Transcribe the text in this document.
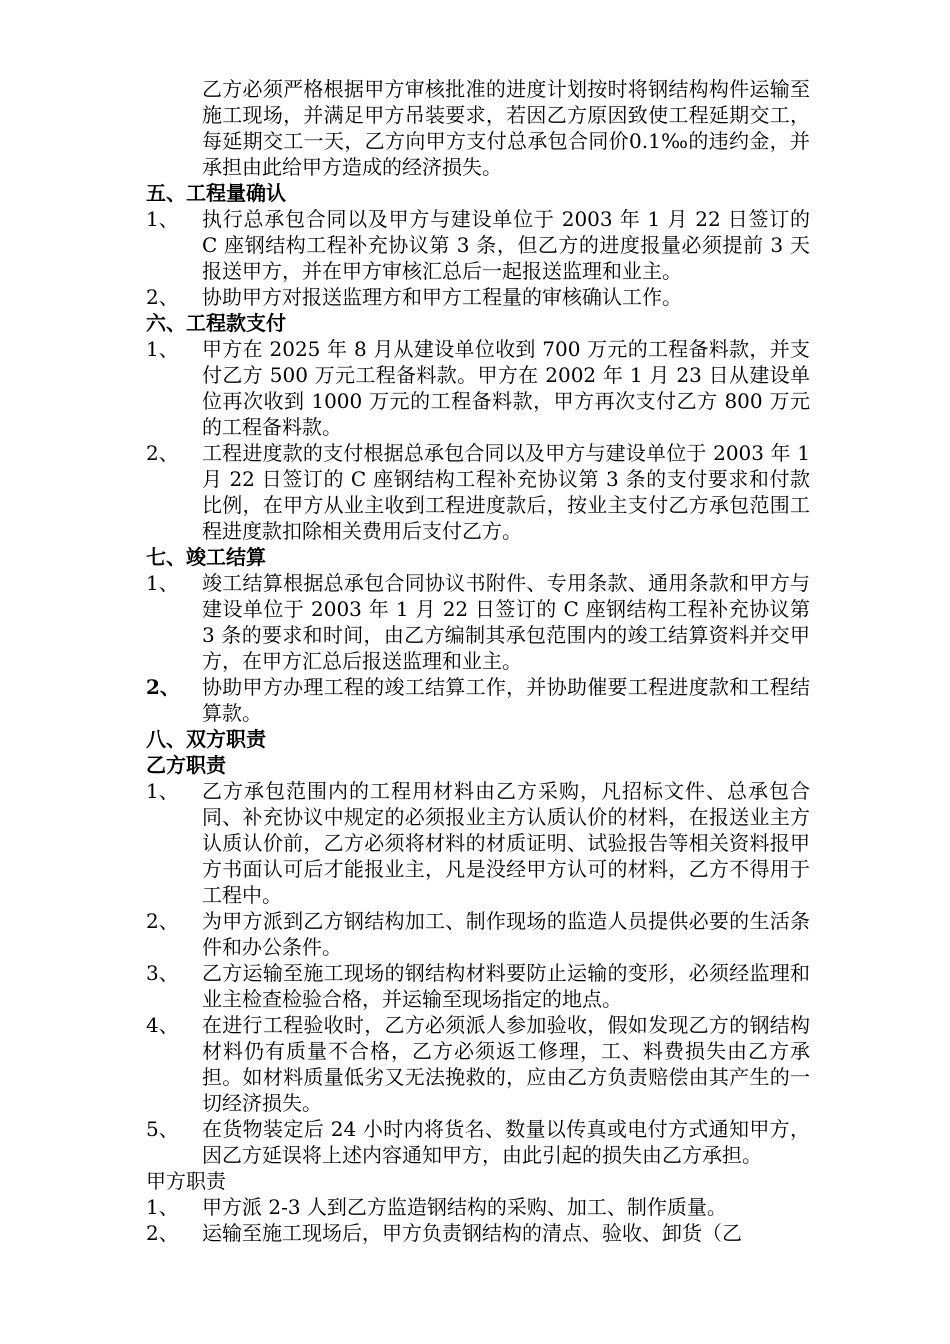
乙方必须严格根据甲方审核批准的进度计划按时将钢结构构件运输至施工现场，并满足甲方吊装要求，若因乙方原因致使工程延期交工，每延期交工一天，乙方向甲方支付总承包合同价0.1‰的违约金，并承担由此给甲方造成的经济损失。
五、工程量确认
1、	执行总承包合同以及甲方与建设单位于 2003 年 1 月 22 日签订的 C 座钢结构工程补充协议第 3 条，但乙方的进度报量必须提前 3 天报送甲方，并在甲方审核汇总后一起报送监理和业主。
2、	协助甲方对报送监理方和甲方工程量的审核确认工作。
六、工程款支付
1、	甲方在 2025 年 8 月从建设单位收到 700 万元的工程备料款，并支付乙方 500 万元工程备料款。甲方在 2002 年 1 月 23 日从建设单位再次收到 1000 万元的工程备料款，甲方再次支付乙方 800 万元的工程备料款。
2、	工程进度款的支付根据总承包合同以及甲方与建设单位于 2003 年 1 月 22 日签订的 C 座钢结构工程补充协议第 3 条的支付要求和付款比例，在甲方从业主收到工程进度款后，按业主支付乙方承包范围工程进度款扣除相关费用后支付乙方。
七、竣工结算
1、	竣工结算根据总承包合同协议书附件、专用条款、通用条款和甲方与建设单位于 2003 年 1 月 22 日签订的 C 座钢结构工程补充协议第 3 条的要求和时间，由乙方编制其承包范围内的竣工结算资料并交甲方，在甲方汇总后报送监理和业主。
2、	协助甲方办理工程的竣工结算工作，并协助催要工程进度款和工程结算款。
八、双方职责
乙方职责
1、	乙方承包范围内的工程用材料由乙方采购，凡招标文件、总承包合同、补充协议中规定的必须报业主方认质认价的材料，在报送业主方认质认价前，乙方必须将材料的材质证明、试验报告等相关资料报甲方书面认可后才能报业主，凡是没经甲方认可的材料，乙方不得用于工程中。
2、	为甲方派到乙方钢结构加工、制作现场的监造人员提供必要的生活条件和办公条件。
3、	乙方运输至施工现场的钢结构材料要防止运输的变形，必须经监理和业主检查检验合格，并运输至现场指定的地点。
4、	在进行工程验收时，乙方必须派人参加验收，假如发现乙方的钢结构材料仍有质量不合格，乙方必须返工修理，工、料费损失由乙方承担。如材料质量低劣又无法挽救的，应由乙方负责赔偿由其产生的一切经济损失。
5、	在货物装定后 24 小时内将货名、数量以传真或电付方式通知甲方，因乙方延误将上述内容通知甲方，由此引起的损失由乙方承担。
甲方职责
1、	甲方派 2-3 人到乙方监造钢结构的采购、加工、制作质量。
2、	运输至施工现场后，甲方负责钢结构的清点、验收、卸货（乙
